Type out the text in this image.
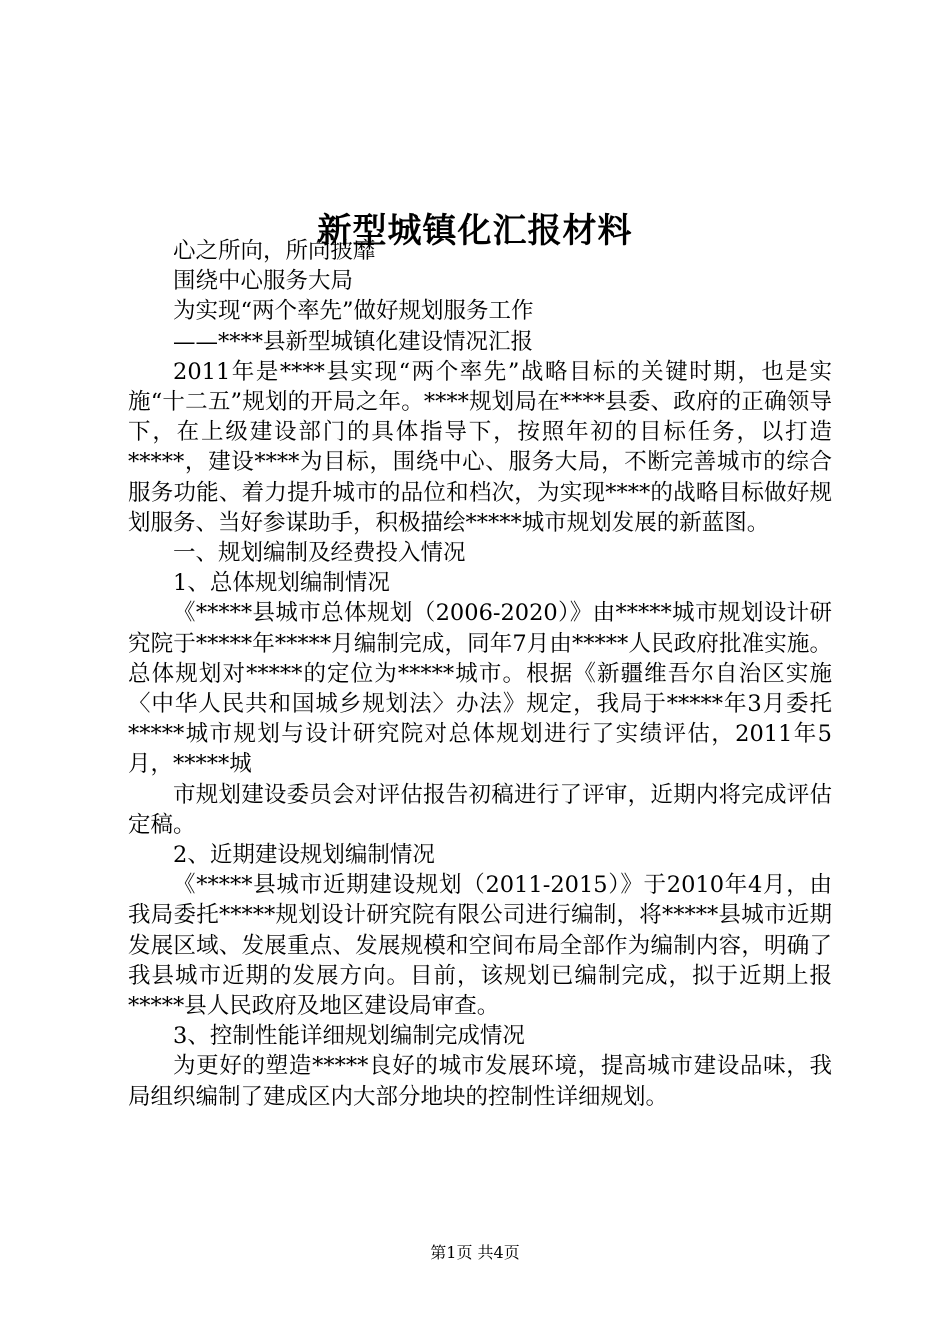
新型城镇化汇报材料

心之所向，所向披靡

围绕中心服务大局

为实现“两个率先”做好规划服务工作

——****县新型城镇化建设情况汇报

2011年是****县实现“两个率先”战略目标的关键时期，也是实施“十二五”规划的开局之年。****规划局在****县委、政府的正确领导下，在上级建设部门的具体指导下，按照年初的目标任务，以打造*****，建设****为目标，围绕中心、服务大局，不断完善城市的综合服务功能、着力提升城市的品位和档次，为实现****的战略目标做好规划服务、当好参谋助手，积极描绘*****城市规划发展的新蓝图。

一、规划编制及经费投入情况

1、总体规划编制情况

《*****县城市总体规划（2006-2020）》由*****城市规划设计研究院于*****年*****月编制完成，同年7月由*****人民政府批准实施。总体规划对*****的定位为*****城市。根据《新疆维吾尔自治区实施〈中华人民共和国城乡规划法〉办法》规定，我局于*****年3月委托*****城市规划与设计研究院对总体规划进行了实绩评估，2011年5月，*****城

市规划建设委员会对评估报告初稿进行了评审，近期内将完成评估定稿。

2、近期建设规划编制情况

《*****县城市近期建设规划（2011-2015）》于2010年4月，由我局委托*****规划设计研究院有限公司进行编制，将*****县城市近期发展区域、发展重点、发展规模和空间布局全部作为编制内容，明确了我县城市近期的发展方向。目前，该规划已编制完成，拟于近期上报*****县人民政府及地区建设局审查。

3、控制性能详细规划编制完成情况

为更好的塑造*****良好的城市发展环境，提高城市建设品味，我局组织编制了建成区内大部分地块的控制性详细规划。

第1页 共4页
